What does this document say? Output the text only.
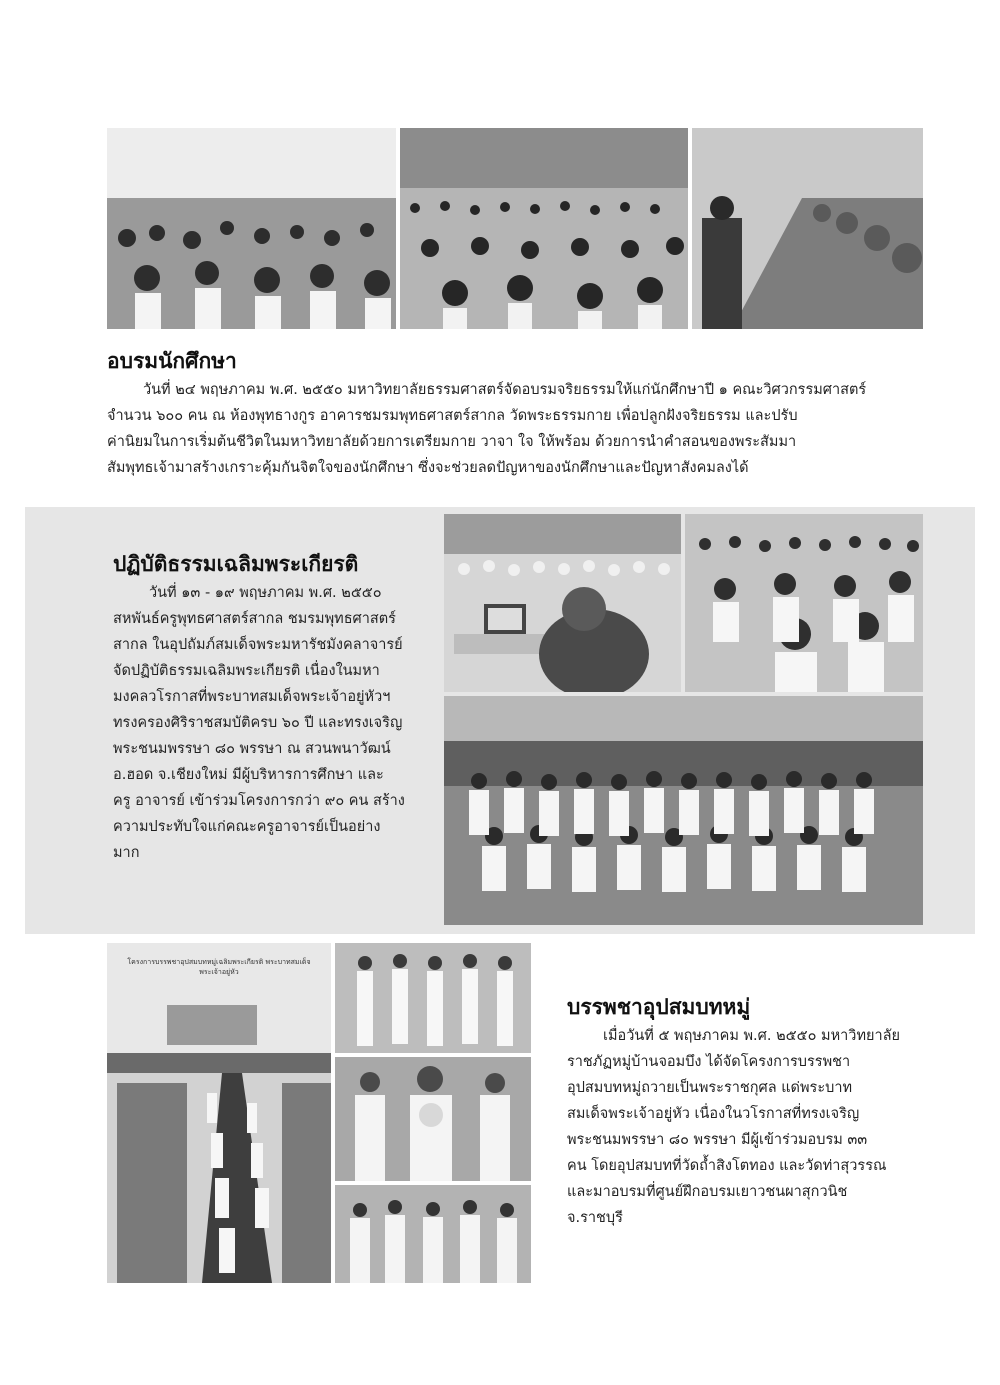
อบรมนักศึกษา
วันที่ ๒๔ พฤษภาคม พ.ศ. ๒๕๕๐ มหาวิทยาลัยธรรมศาสตร์จัดอบรมจริยธรรมให้แก่นักศึกษาปี ๑ คณะวิศวกรรมศาสตร์
จำนวน ๖๐๐ คน ณ ห้องพุทธางกูร อาคารชมรมพุทธศาสตร์สากล วัดพระธรรมกาย เพื่อปลูกฝังจริยธรรม และปรับ
ค่านิยมในการเริ่มต้นชีวิตในมหาวิทยาลัยด้วยการเตรียมกาย วาจา ใจ ให้พร้อม ด้วยการนำคำสอนของพระสัมมา
สัมพุทธเจ้ามาสร้างเกราะคุ้มกันจิตใจของนักศึกษา ซึ่งจะช่วยลดปัญหาของนักศึกษาและปัญหาสังคมลงได้
ปฏิบัติธรรมเฉลิมพระเกียรติ
วันที่ ๑๓ - ๑๙ พฤษภาคม พ.ศ. ๒๕๕๐
สหพันธ์ครูพุทธศาสตร์สากล ชมรมพุทธศาสตร์
สากล ในอุปถัมภ์สมเด็จพระมหารัชมังคลาจารย์
จัดปฏิบัติธรรมเฉลิมพระเกียรติ เนื่องในมหา
มงคลวโรกาสที่พระบาทสมเด็จพระเจ้าอยู่หัวฯ
ทรงครองศิริราชสมบัติครบ ๖๐ ปี และทรงเจริญ
พระชนมพรรษา ๘๐ พรรษา ณ สวนพนาวัฒน์
อ.ฮอด จ.เชียงใหม่ มีผู้บริหารการศึกษา และ
ครู อาจารย์ เข้าร่วมโครงการกว่า ๙๐ คน สร้าง
ความประทับใจแก่คณะครูอาจารย์เป็นอย่าง
มาก
โครงการบรรพชาอุปสมบทหมู่เฉลิมพระเกียรติ พระบาทสมเด็จพระเจ้าอยู่หัว
บรรพชาอุปสมบทหมู่
เมื่อวันที่ ๕ พฤษภาคม พ.ศ. ๒๕๕๐ มหาวิทยาลัย
ราชภัฏหมู่บ้านจอมบึง ได้จัดโครงการบรรพชา
อุปสมบทหมู่ถวายเป็นพระราชกุศล แด่พระบาท
สมเด็จพระเจ้าอยู่หัว เนื่องในวโรกาสที่ทรงเจริญ
พระชนมพรรษา ๘๐ พรรษา มีผู้เข้าร่วมอบรม ๓๓
คน โดยอุปสมบทที่วัดถ้ำสิงโตทอง และวัดท่าสุวรรณ
และมาอบรมที่ศูนย์ฝึกอบรมเยาวชนผาสุกวนิช
จ.ราชบุรี
